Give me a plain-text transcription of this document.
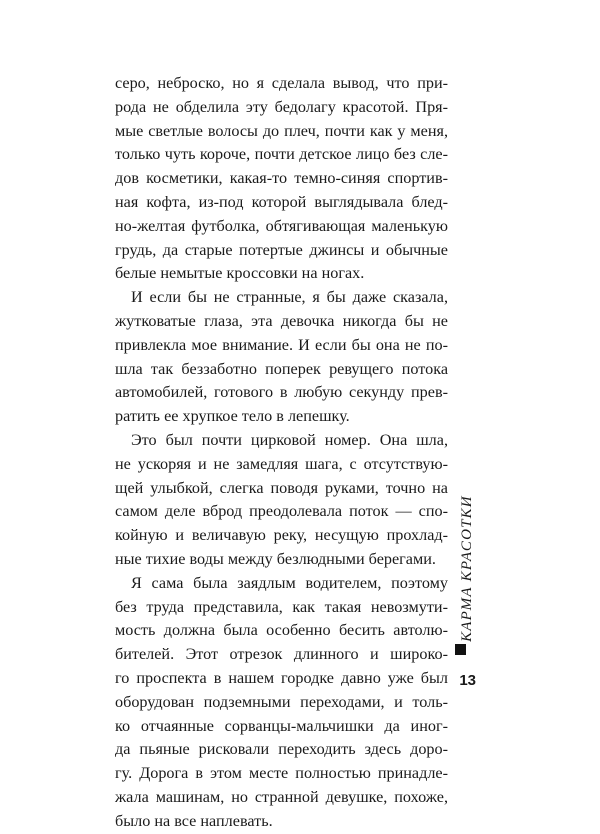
серо, неброско, но я сделала вывод, что при-
рода не обделила эту бедолагу красотой. Пря-
мые светлые волосы до плеч, почти как у меня,
только чуть короче, почти детское лицо без сле-
дов косметики, какая-то темно-синяя спортив-
ная кофта, из-под которой выглядывала блед-
но-желтая футболка, обтягивающая маленькую
грудь, да старые потертые джинсы и обычные
белые немытые кроссовки на ногах.
И если бы не странные, я бы даже сказала,
жутковатые глаза, эта девочка никогда бы не
привлекла мое внимание. И если бы она не по-
шла так беззаботно поперек ревущего потока
автомобилей, готового в любую секунду прев-
ратить ее хрупкое тело в лепешку.
Это был почти цирковой номер. Она шла,
не ускоряя и не замедляя шага, с отсутствую-
щей улыбкой, слегка поводя руками, точно на
самом деле вброд преодолевала поток — спо-
койную и величавую реку, несущую прохлад-
ные тихие воды между безлюдными берегами.
Я сама была заядлым водителем, поэтому
без труда представила, как такая невозмути-
мость должна была особенно бесить автолю-
бителей. Этот отрезок длинного и широко-
го проспекта в нашем городке давно уже был
оборудован подземными переходами, и толь-
ко отчаянные сорванцы-мальчишки да иног-
да пьяные рисковали переходить здесь доро-
гу. Дорога в этом месте полностью принадле-
жала машинам, но странной девушке, похоже,
было на все наплевать.
КАРМА КРАСОТКИ
13
